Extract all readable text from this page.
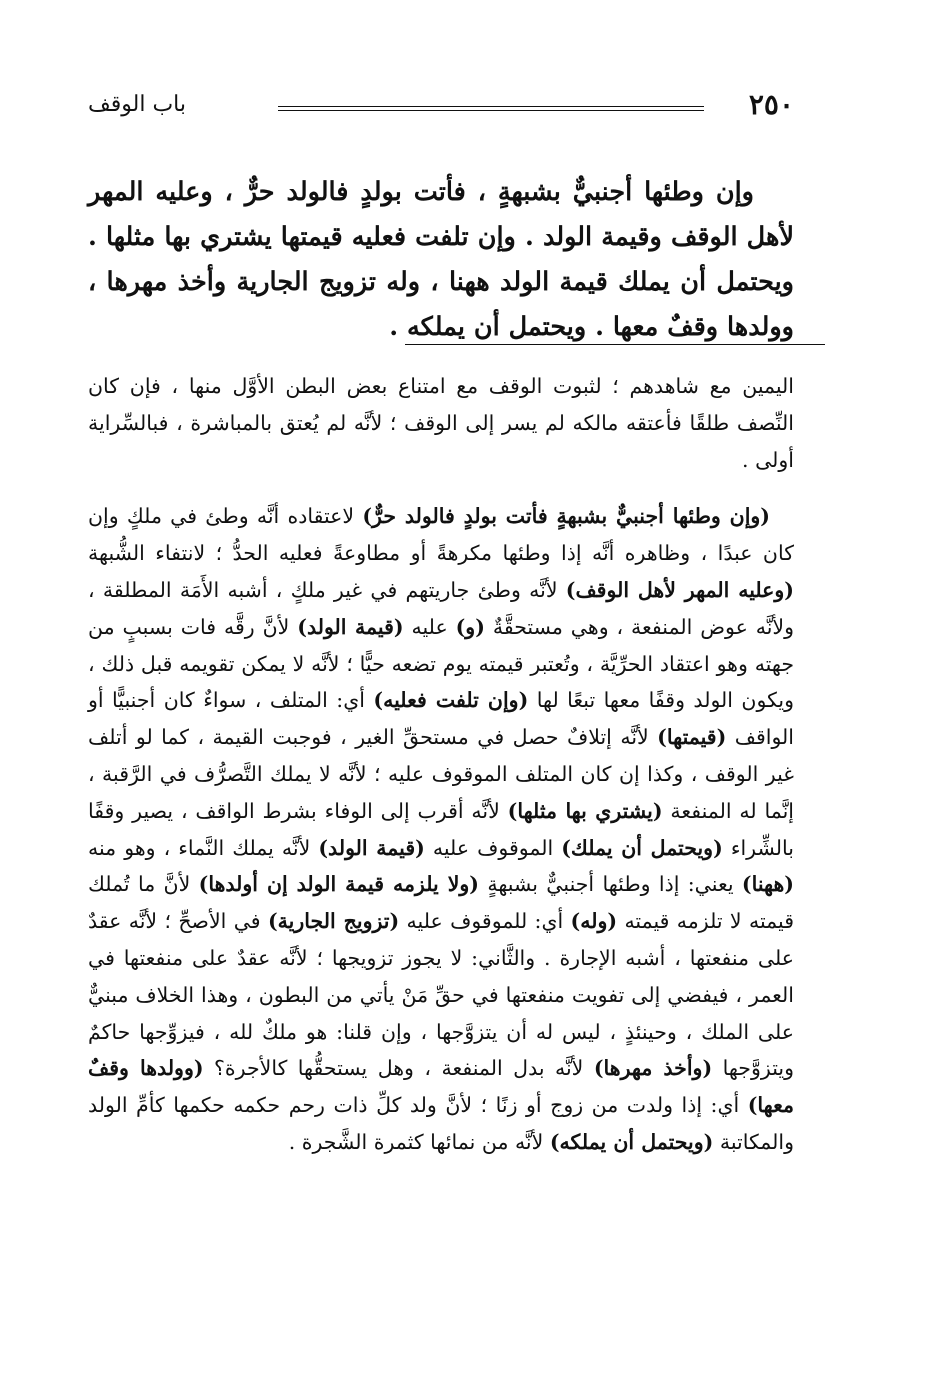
٢٥٠
باب الوقف

وإن وطئها أجنبيٌّ بشبهةٍ ، فأتت بولدٍ فالولد حرٌّ ، وعليه المهر لأهل الوقف وقيمة الولد . وإن تلفت فعليه قيمتها يشتري بها مثلها . ويحتمل أن يملك قيمة الولد ههنا ، وله تزويج الجارية وأخذ مهرها ، وولدها وقفٌ معها . ويحتمل أن يملكه .

اليمين مع شاهدهم ؛ لثبوت الوقف مع امتناع بعض البطن الأوَّل منها ، فإن كان النِّصف طلقًا فأعتقه مالكه لم يسر إلى الوقف ؛ لأنَّه لم يُعتق بالمباشرة ، فبالسِّراية أولى .

(وإن وطئها أجنبيٌّ بشبهةٍ فأتت بولدٍ فالولد حرٌّ) لاعتقاده أنَّه وطئ في ملكٍ وإن كان عبدًا ، وظاهره أنَّه إذا وطئها مكرهةً أو مطاوعةً فعليه الحدُّ ؛ لانتفاء الشُّبهة (وعليه المهر لأهل الوقف) لأنَّه وطئ جاريتهم في غير ملكٍ ، أشبه الأَمَة المطلقة ، ولأنَّه عوض المنفعة ، وهي مستحقَّةٌ (و) عليه (قيمة الولد) لأنَّ رقَّه فات بسببٍ من جهته وهو اعتقاد الحرِّيَّة ، وتُعتبر قيمته يوم تضعه حيًّا ؛ لأنَّه لا يمكن تقويمه قبل ذلك ، ويكون الولد وقفًا معها تبعًا لها (وإن تلفت فعليه) أي: المتلف ، سواءٌ كان أجنبيًّا أو الواقف (قيمتها) لأنَّه إتلافٌ حصل في مستحقِّ الغير ، فوجبت القيمة ، كما لو أتلف غير الوقف ، وكذا إن كان المتلف الموقوف عليه ؛ لأنَّه لا يملك التَّصرُّف في الرَّقبة ، إنَّما له المنفعة (يشتري بها مثلها) لأنَّه أقرب إلى الوفاء بشرط الواقف ، يصير وقفًا بالشِّراء (ويحتمل أن يملك) الموقوف عليه (قيمة الولد) لأنَّه يملك النَّماء ، وهو منه (ههنا) يعني: إذا وطئها أجنبيٌّ بشبهةٍ (ولا يلزمه قيمة الولد إن أولدها) لأنَّ ما تُملك قيمته لا تلزمه قيمته (وله) أي: للموقوف عليه (تزويج الجارية) في الأصحِّ ؛ لأنَّه عقدٌ على منفعتها ، أشبه الإجارة . والثَّاني: لا يجوز تزويجها ؛ لأنَّه عقدٌ على منفعتها في العمر ، فيفضي إلى تفويت منفعتها في حقِّ مَنْ يأتي من البطون ، وهذا الخلاف مبنيٌّ على الملك ، وحينئذٍ ، ليس له أن يتزوَّجها ، وإن قلنا: هو ملكٌ لله ، فيزوِّجها حاكمٌ ويتزوَّجها (وأخذ مهرها) لأنَّه بدل المنفعة ، وهل يستحقُّها كالأجرة؟ (وولدها وقفٌ معها) أي: إذا ولدت من زوج أو زنًا ؛ لأنَّ ولد كلِّ ذات رحم حكمه حكمها كأمِّ الولد والمكاتبة (ويحتمل أن يملكه) لأنَّه من نمائها كثمرة الشَّجرة .
